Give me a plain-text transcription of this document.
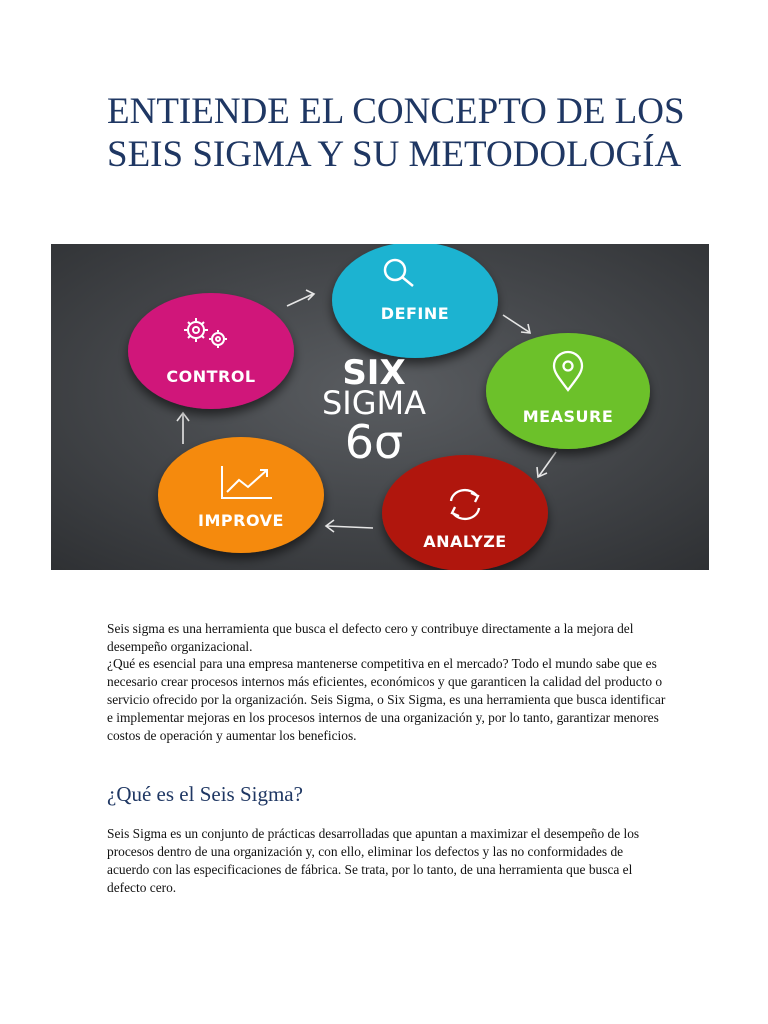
ENTIENDE EL CONCEPTO DE LOS SEIS SIGMA Y SU METODOLOGÍA
DEFINE
MEASURE
ANALYZE
IMPROVE
CONTROL	SIX
SIGMA
6σ

Seis sigma es una herramienta que busca el defecto cero y contribuye directamente a la mejora del desempeño organizacional.

¿Qué es esencial para una empresa mantenerse competitiva en el mercado? Todo el mundo sabe que es necesario crear procesos internos más eficientes, económicos y que garanticen la calidad del producto o servicio ofrecido por la organización. Seis Sigma, o Six Sigma, es una herramienta que busca identificar e implementar mejoras en los procesos internos de una organización y, por lo tanto, garantizar menores costos de operación y aumentar los beneficios.

¿Qué es el Seis Sigma?

Seis Sigma es un conjunto de prácticas desarrolladas que apuntan a maximizar el desempeño de los procesos dentro de una organización y, con ello, eliminar los defectos y las no conformidades de acuerdo con las especificaciones de fábrica. Se trata, por lo tanto, de una herramienta que busca el defecto cero.
